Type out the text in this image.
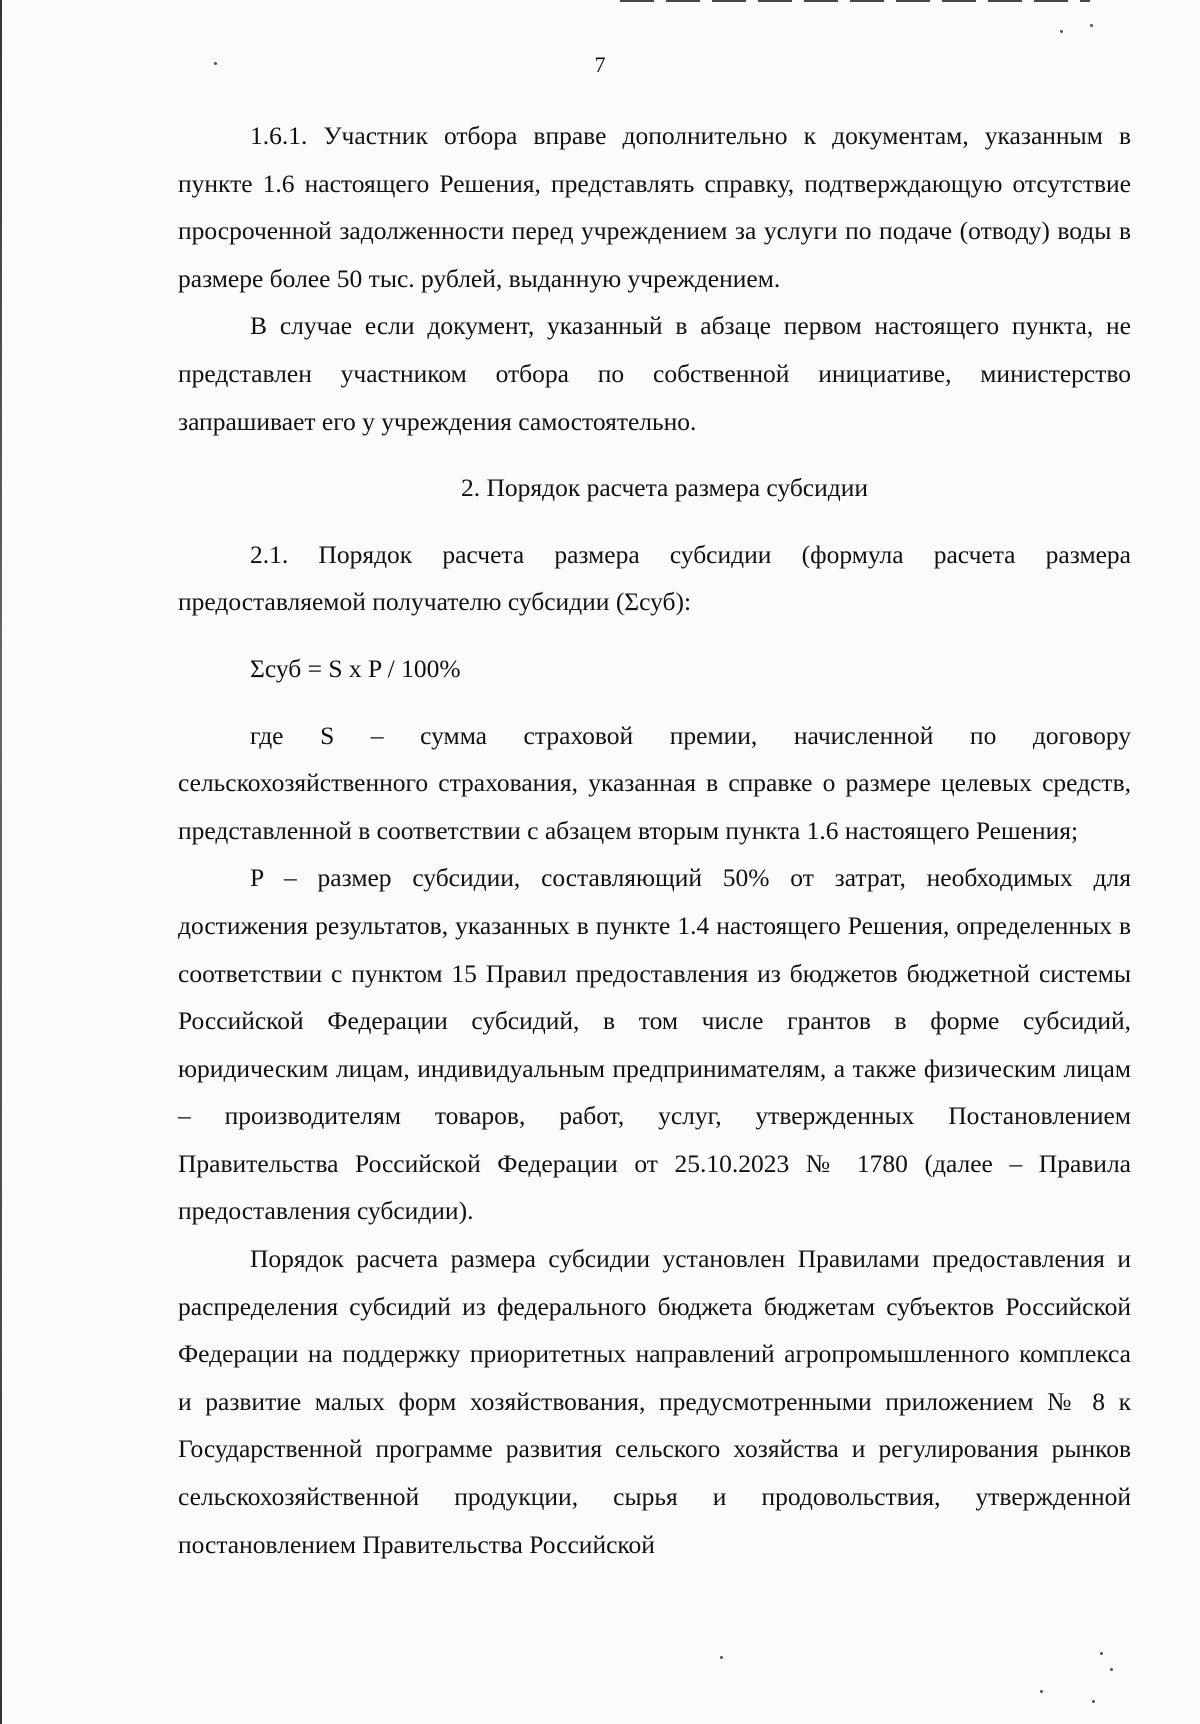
7

1.6.1. Участник отбора вправе дополнительно к документам, указанным в пункте 1.6 настоящего Решения, представлять справку, подтверждающую отсутствие просроченной задолженности перед учреждением за услуги по подаче (отводу) воды в размере более 50 тыс. рублей, выданную учреждением.

В случае если документ, указанный в абзаце первом настоящего пункта, не представлен участником отбора по собственной инициативе, министерство запрашивает его у учреждения самостоятельно.

2. Порядок расчета размера субсидии

2.1. Порядок расчета размера субсидии (формула расчета размера предоставляемой получателю субсидии (Σсуб):

Σсуб = S x P / 100%

где S – сумма страховой премии, начисленной по договору сельскохозяйственного страхования, указанная в справке о размере целевых средств, представленной в соответствии с абзацем вторым пункта 1.6 настоящего Решения;

P – размер субсидии, составляющий 50% от затрат, необходимых для достижения результатов, указанных в пункте 1.4 настоящего Решения, определенных в соответствии с пунктом 15 Правил предоставления из бюджетов бюджетной системы Российской Федерации субсидий, в том числе грантов в форме субсидий, юридическим лицам, индивидуальным предпринимателям, а также физическим лицам – производителям товаров, работ, услуг, утвержденных Постановлением Правительства Российской Федерации от 25.10.2023 № 1780 (далее – Правила предоставления субсидии).

Порядок расчета размера субсидии установлен Правилами предоставления и распределения субсидий из федерального бюджета бюджетам субъектов Российской Федерации на поддержку приоритетных направлений агропромышленного комплекса и развитие малых форм хозяйствования, предусмотренными приложением № 8 к Государственной программе развития сельского хозяйства и регулирования рынков сельскохозяйственной продукции, сырья и продовольствия, утвержденной постановлением Правительства Российской
